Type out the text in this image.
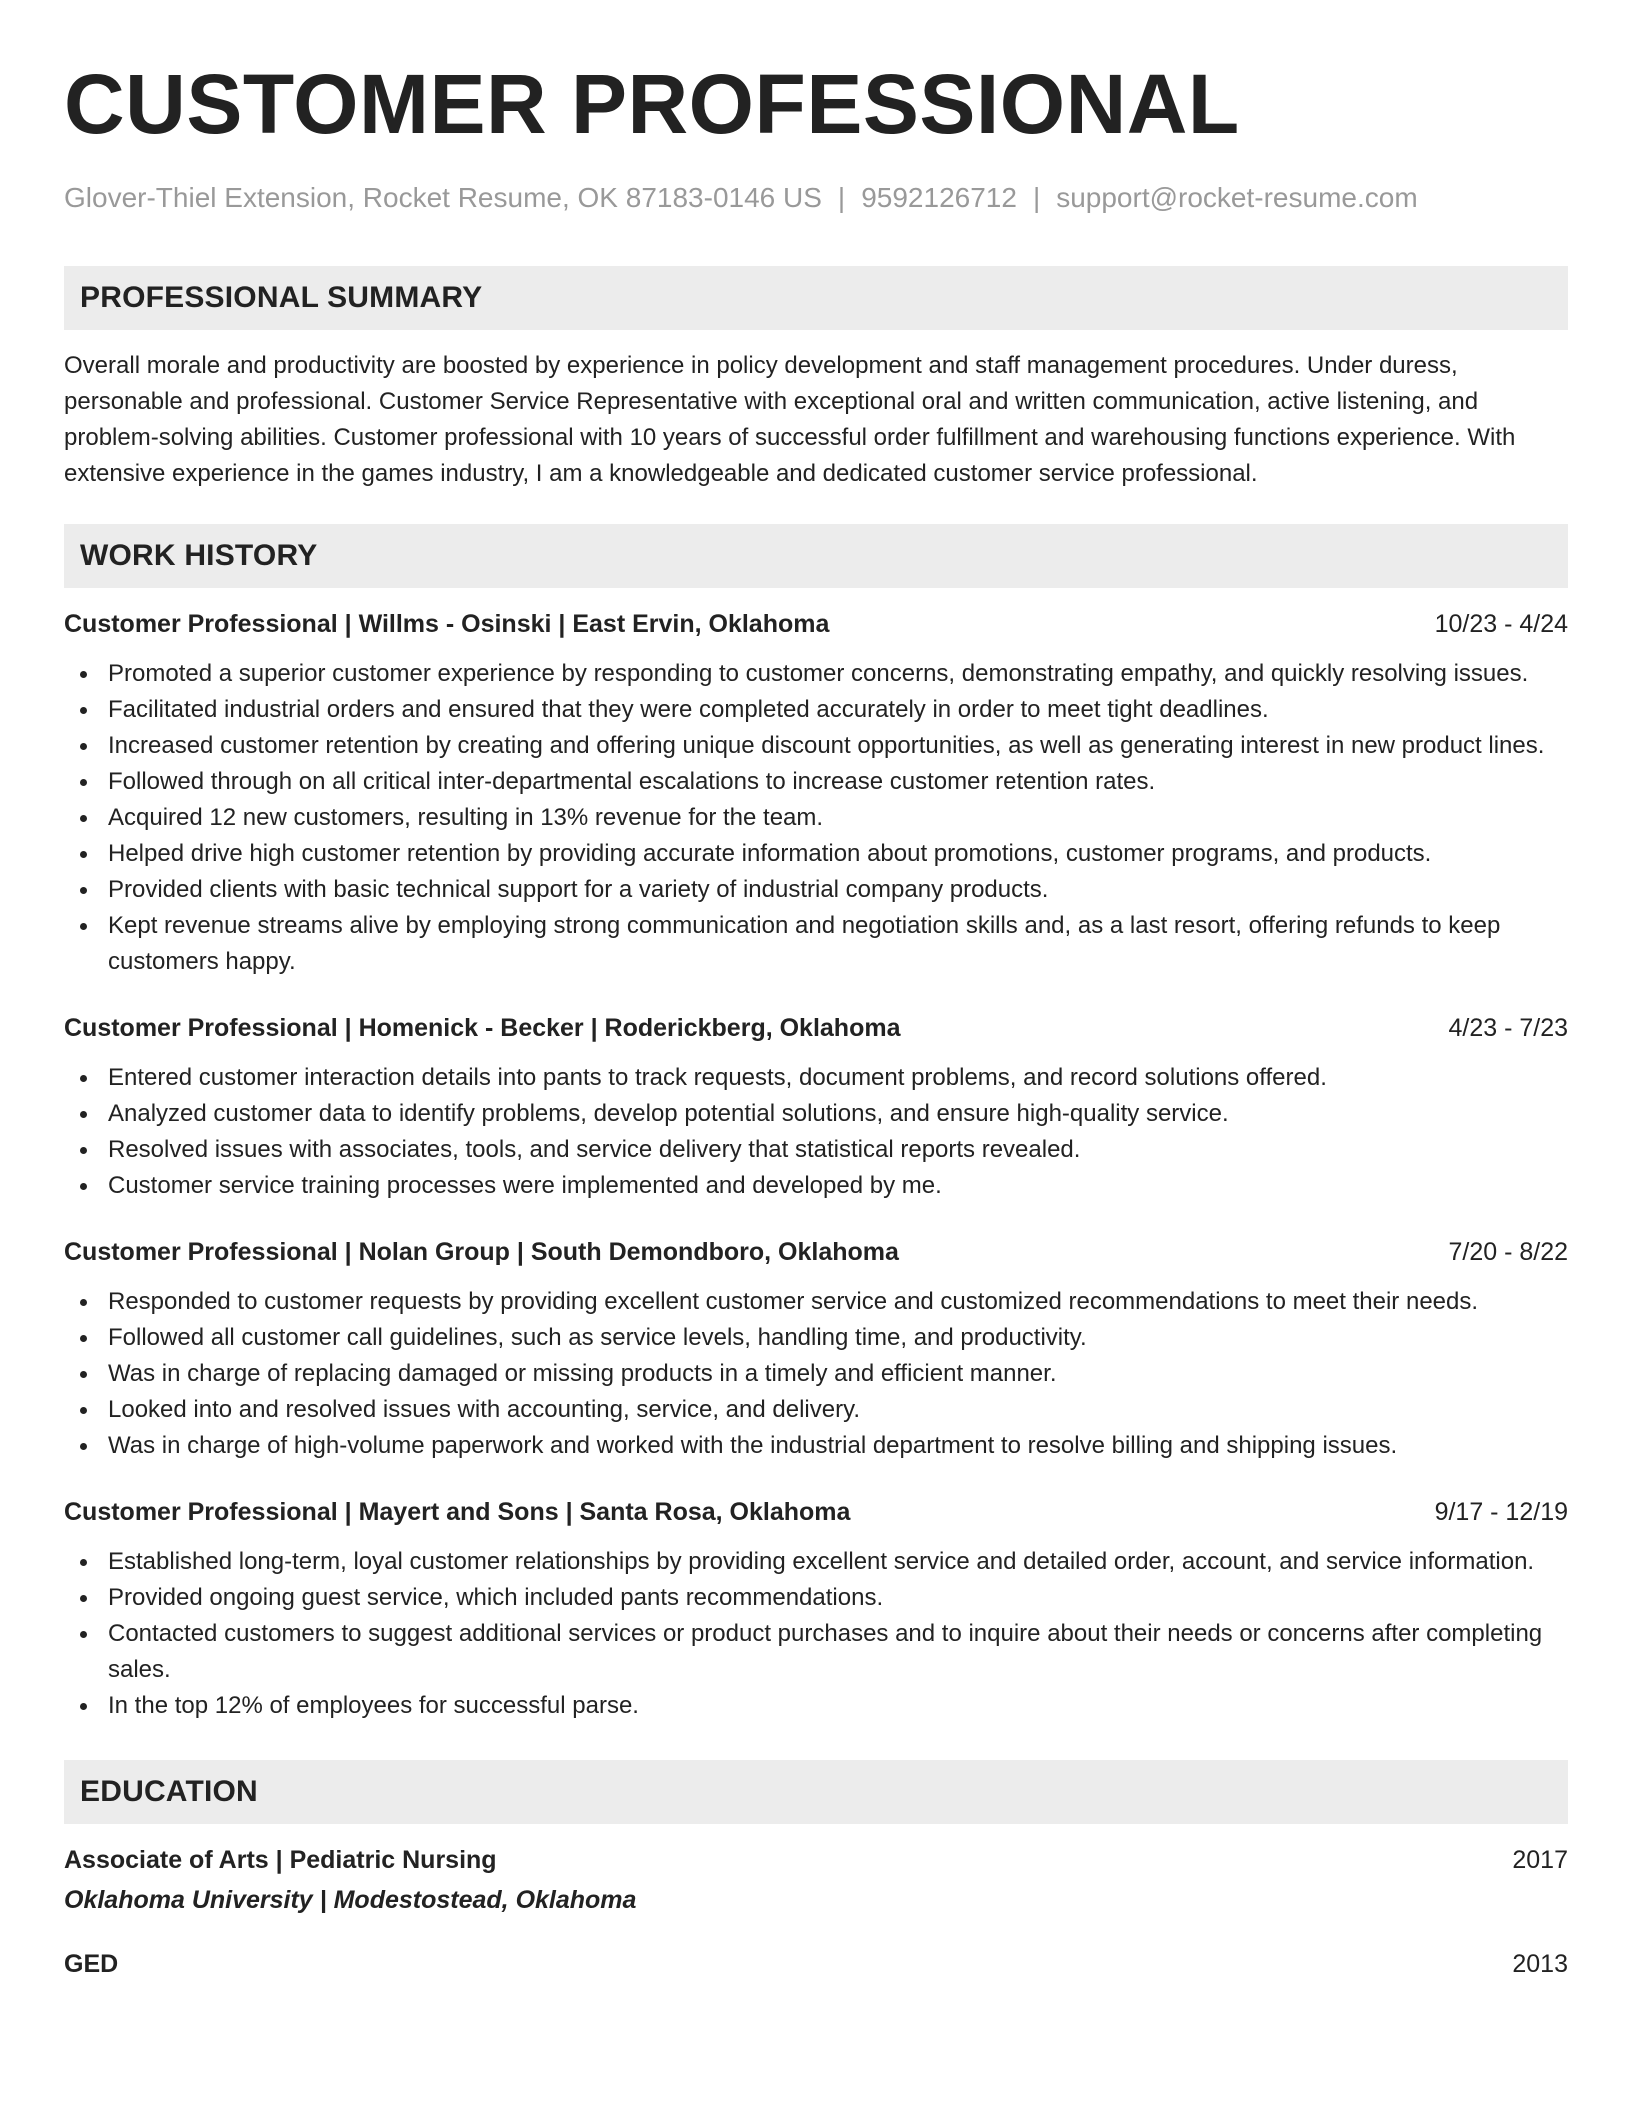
CUSTOMER PROFESSIONAL
Glover-Thiel Extension, Rocket Resume, OK 87183-0146 US | 9592126712 | support@rocket-resume.com
PROFESSIONAL SUMMARY

Overall morale and productivity are boosted by experience in policy development and staff management procedures. Under duress, personable and professional. Customer Service Representative with exceptional oral and written communication, active listening, and problem-solving abilities. Customer professional with 10 years of successful order fulfillment and warehousing functions experience. With extensive experience in the games industry, I am a knowledgeable and dedicated customer service professional.

WORK HISTORY
Customer Professional | Willms - Osinski | East Ervin, Oklahoma	10/23 - 4/24
Promoted a superior customer experience by responding to customer concerns, demonstrating empathy, and quickly resolving issues.
Facilitated industrial orders and ensured that they were completed accurately in order to meet tight deadlines.
Increased customer retention by creating and offering unique discount opportunities, as well as generating interest in new product lines.
Followed through on all critical inter-departmental escalations to increase customer retention rates.
Acquired 12 new customers, resulting in 13% revenue for the team.
Helped drive high customer retention by providing accurate information about promotions, customer programs, and products.
Provided clients with basic technical support for a variety of industrial company products.
Kept revenue streams alive by employing strong communication and negotiation skills and, as a last resort, offering refunds to keep customers happy.
Customer Professional | Homenick - Becker | Roderickberg, Oklahoma	4/23 - 7/23
Entered customer interaction details into pants to track requests, document problems, and record solutions offered.
Analyzed customer data to identify problems, develop potential solutions, and ensure high-quality service.
Resolved issues with associates, tools, and service delivery that statistical reports revealed.
Customer service training processes were implemented and developed by me.
Customer Professional | Nolan Group | South Demondboro, Oklahoma	7/20 - 8/22
Responded to customer requests by providing excellent customer service and customized recommendations to meet their needs.
Followed all customer call guidelines, such as service levels, handling time, and productivity.
Was in charge of replacing damaged or missing products in a timely and efficient manner.
Looked into and resolved issues with accounting, service, and delivery.
Was in charge of high-volume paperwork and worked with the industrial department to resolve billing and shipping issues.
Customer Professional | Mayert and Sons | Santa Rosa, Oklahoma	9/17 - 12/19
Established long-term, loyal customer relationships by providing excellent service and detailed order, account, and service information.
Provided ongoing guest service, which included pants recommendations.
Contacted customers to suggest additional services or product purchases and to inquire about their needs or concerns after completing sales.
In the top 12% of employees for successful parse.
EDUCATION
Associate of Arts | Pediatric Nursing	2017
Oklahoma University | Modestostead, Oklahoma
GED	2013
